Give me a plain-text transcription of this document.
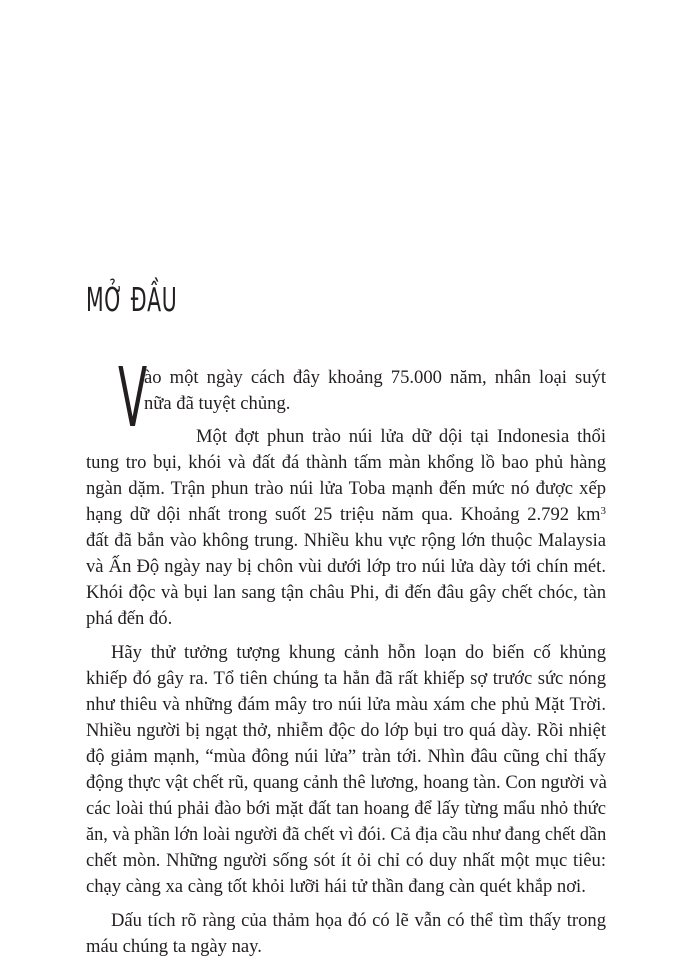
MỞ ĐẦU
V
ào một ngày cách đây khoảng 75.000 năm, nhân loại suýt
nữa đã tuyệt chủng.
Một đợt phun trào núi lửa dữ dội tại Indonesia thổi
tung tro bụi, khói và đất đá thành tấm màn khổng lồ bao phủ hàng
ngàn dặm. Trận phun trào núi lửa Toba mạnh đến mức nó được xếp
hạng dữ dội nhất trong suốt 25 triệu năm qua. Khoảng 2.792 $km^3$
đất đã bắn vào không trung. Nhiều khu vực rộng lớn thuộc Malaysia
và Ấn Độ ngày nay bị chôn vùi dưới lớp tro núi lửa dày tới chín mét.
Khói độc và bụi lan sang tận châu Phi, đi đến đâu gây chết chóc, tàn
phá đến đó.
Hãy thử tưởng tượng khung cảnh hỗn loạn do biến cố khủng
khiếp đó gây ra. Tổ tiên chúng ta hẳn đã rất khiếp sợ trước sức nóng
như thiêu và những đám mây tro núi lửa màu xám che phủ Mặt Trời.
Nhiều người bị ngạt thở, nhiễm độc do lớp bụi tro quá dày. Rồi nhiệt
độ giảm mạnh, “mùa đông núi lửa” tràn tới. Nhìn đâu cũng chỉ thấy
động thực vật chết rũ, quang cảnh thê lương, hoang tàn. Con người và
các loài thú phải đào bới mặt đất tan hoang để lấy từng mẩu nhỏ thức
ăn, và phần lớn loài người đã chết vì đói. Cả địa cầu như đang chết dần
chết mòn. Những người sống sót ít ỏi chỉ có duy nhất một mục tiêu:
chạy càng xa càng tốt khỏi lưỡi hái tử thần đang càn quét khắp nơi.
Dấu tích rõ ràng của thảm họa đó có lẽ vẫn có thể tìm thấy trong
máu chúng ta ngày nay.
